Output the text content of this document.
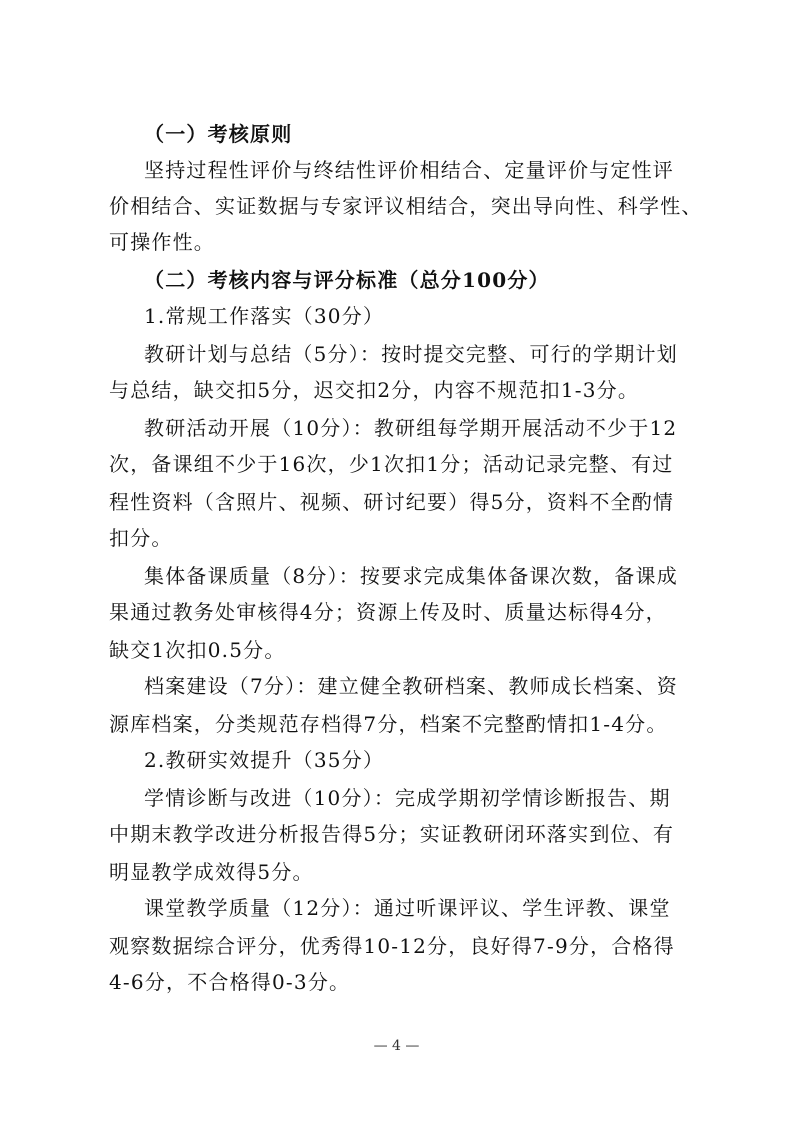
（一）考核原则
坚持过程性评价与终结性评价相结合、定量评价与定性评
价相结合、实证数据与专家评议相结合，突出导向性、科学性、
可操作性。
（二）考核内容与评分标准（总分100分）
1.常规工作落实（30分）
教研计划与总结（5分）：按时提交完整、可行的学期计划
与总结，缺交扣5分，迟交扣2分，内容不规范扣1-3分。
教研活动开展（10分）：教研组每学期开展活动不少于12
次，备课组不少于16次，少1次扣1分；活动记录完整、有过
程性资料（含照片、视频、研讨纪要）得5分，资料不全酌情
扣分。
集体备课质量（8分）：按要求完成集体备课次数，备课成
果通过教务处审核得4分；资源上传及时、质量达标得4分，
缺交1次扣0.5分。
档案建设（7分）：建立健全教研档案、教师成长档案、资
源库档案，分类规范存档得7分，档案不完整酌情扣1-4分。
2.教研实效提升（35分）
学情诊断与改进（10分）：完成学期初学情诊断报告、期
中期末教学改进分析报告得5分；实证教研闭环落实到位、有
明显教学成效得5分。
课堂教学质量（12分）：通过听课评议、学生评教、课堂
观察数据综合评分，优秀得10-12分，良好得7-9分，合格得
4-6分，不合格得0-3分。
— 4 —
